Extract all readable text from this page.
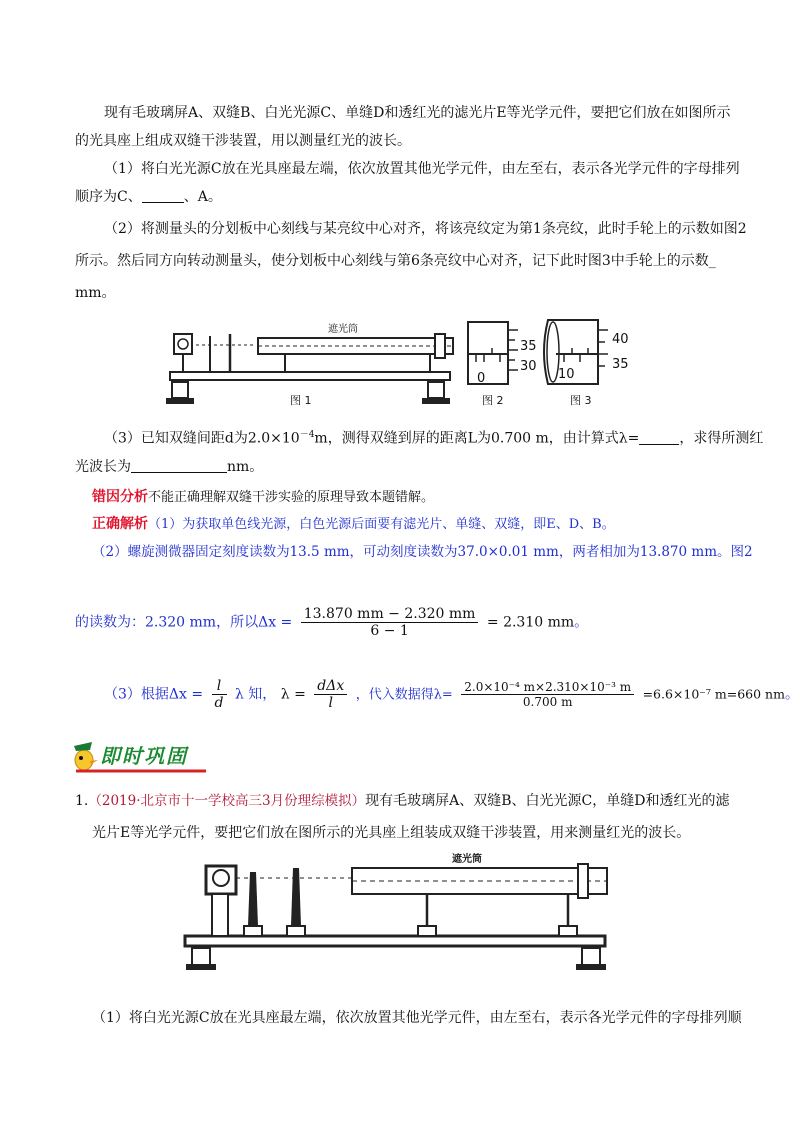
现有毛玻璃屏A、双缝B、白光光源C、单缝D和透红光的滤光片E等光学元件，要把它们放在如图所示
的光具座上组成双缝干涉装置，用以测量红光的波长。
（1）将白光光源C放在光具座最左端，依次放置其他光学元件，由左至右，表示各光学元件的字母排列
顺序为C、	、A。
（2）将测量头的分划板中心刻线与某亮纹中心对齐，将该亮纹定为第1条亮纹，此时手轮上的示数如图2
所示。然后同方向转动测量头，使分划板中心刻线与第6条亮纹中心对齐，记下此时图3中手轮上的示数_
mm。
遮光筒
图 1
35
30
0
图 2
40
35
10
图 3
（3）已知双缝间距d为$2.0\times 10^{-4}m$，测得双缝到屏的距离L为0.700 m，由计算式λ=	，求得所测红
光波长为	nm。
错因分析不能正确理解双缝干涉实验的原理导致本题错解。
正确解析（1）为获取单色线光源，白色光源后面要有滤光片、单缝、双缝，即E、D、B。
（2）螺旋测微器固定刻度读数为13.5 mm，可动刻度读数为37.0×0.01 mm，两者相加为13.870 mm。图2
的读数为：2.320 mm，所以$\Delta x = \frac{13.870 mm - 2.320 mm}{6 - 1} = 2.310$ mm。
（3）根据$\Delta x = \frac{l}{d}$ λ 知， $\lambda = \frac{\text{dΔx}}{l}$ ，代入数据得$\lambda= \frac{\text{2.0×10⁻⁴ m×2.310×10⁻³ m}}{0.700 m} =6.6\times 10^{-7}$ m=660 nm。
即时巩固
1.（2019·北京市十一学校高三3月份理综模拟）现有毛玻璃屏A、双缝B、白光光源C，单缝D和透红光的滤
光片E等光学元件，要把它们放在图所示的光具座上组装成双缝干涉装置，用来测量红光的波长。
遮光筒
（1）将白光光源C放在光具座最左端，依次放置其他光学元件，由左至右，表示各光学元件的字母排列顺
